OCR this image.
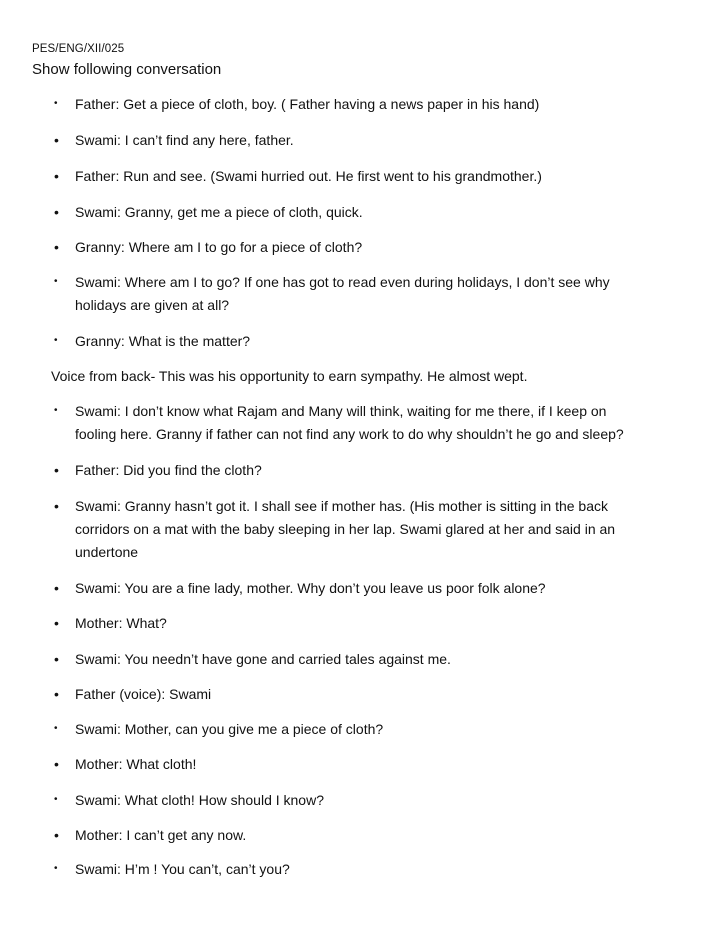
PES/ENG/XII/025
Show following conversation
• Father: Get a piece of cloth, boy. ( Father having a news paper in his hand)
• Swami: I can’t find any here, father.
• Father: Run and see. (Swami hurried out. He first went to his grandmother.)
• Swami: Granny, get me a piece of cloth, quick.
• Granny: Where am I to go for a piece of cloth?
• Swami: Where am I to go? If one has got to read even during holidays, I don’t see why
holidays are given at all?
• Granny: What is the matter?
Voice from back- This was his opportunity to earn sympathy. He almost wept.
• Swami: I don’t know what Rajam and Many will think, waiting for me there, if I keep on
fooling here. Granny if father can not find any work to do why shouldn’t he go and sleep?
• Father: Did you find the cloth?
• Swami: Granny hasn’t got it. I shall see if mother has. (His mother is sitting in the back
corridors on a mat with the baby sleeping in her lap. Swami glared at her and said in an
undertone
• Swami: You are a fine lady, mother. Why don’t you leave us poor folk alone?
• Mother: What?
• Swami: You needn’t have gone and carried tales against me.
• Father (voice): Swami
• Swami: Mother, can you give me a piece of cloth?
• Mother: What cloth!
• Swami: What cloth! How should I know?
• Mother: I can’t get any now.
• Swami: H’m ! You can’t, can’t you?
